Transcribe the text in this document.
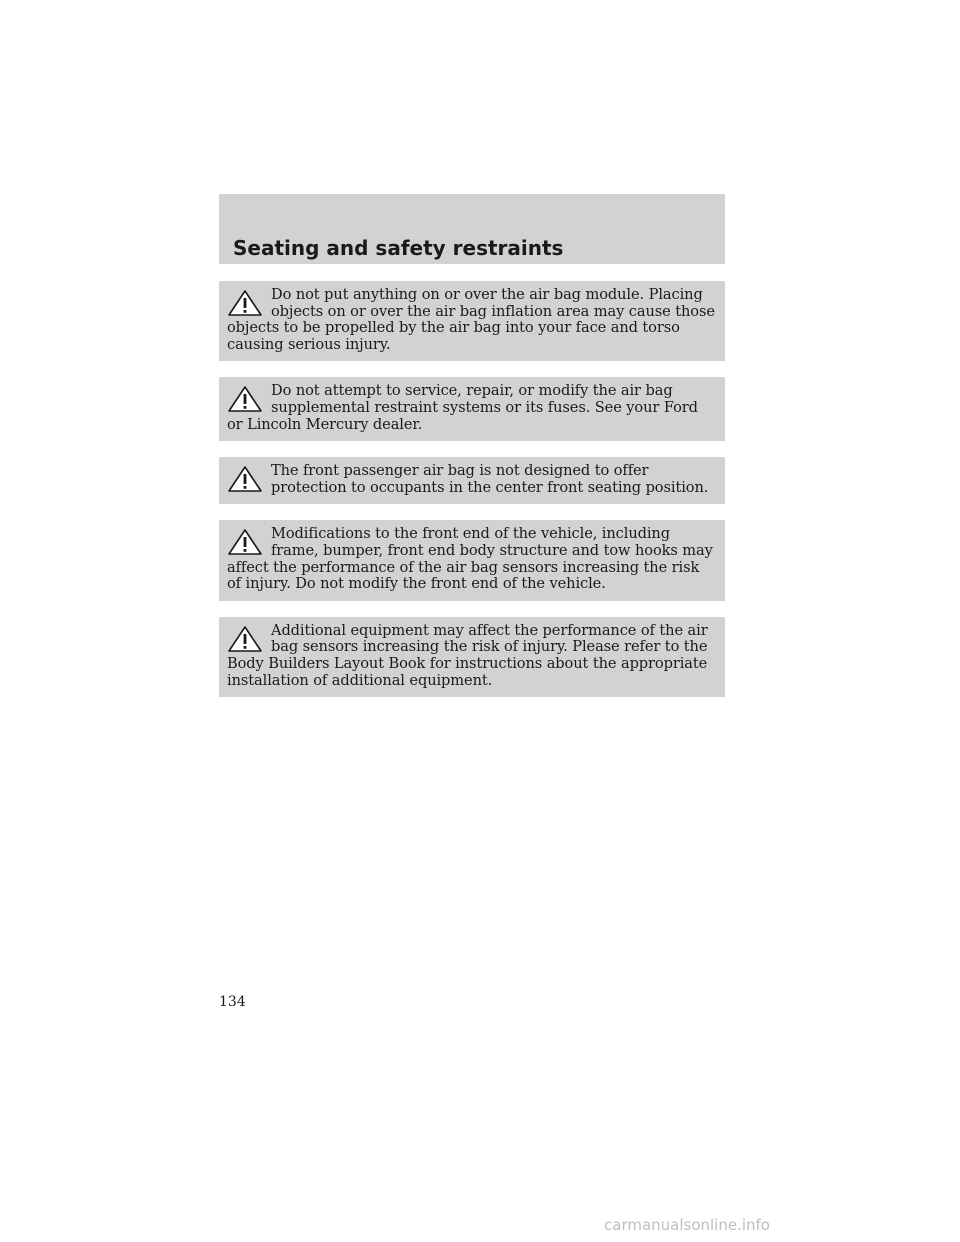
Seating and safety restraints

Do not put anything on or over the air bag module. Placing objects on or over the air bag inflation area may cause those objects to be propelled by the air bag into your face and torso causing serious injury.

Do not attempt to service, repair, or modify the air bag supplemental restraint systems or its fuses. See your Ford or Lincoln Mercury dealer.

The front passenger air bag is not designed to offer protection to occupants in the center front seating position.

Modifications to the front end of the vehicle, including frame, bumper, front end body structure and tow hooks may affect the performance of the air bag sensors increasing the risk of injury. Do not modify the front end of the vehicle.

Additional equipment may affect the performance of the air bag sensors increasing the risk of injury. Please refer to the Body Builders Layout Book for instructions about the appropriate installation of additional equipment.

134

carmanualsonline.info
